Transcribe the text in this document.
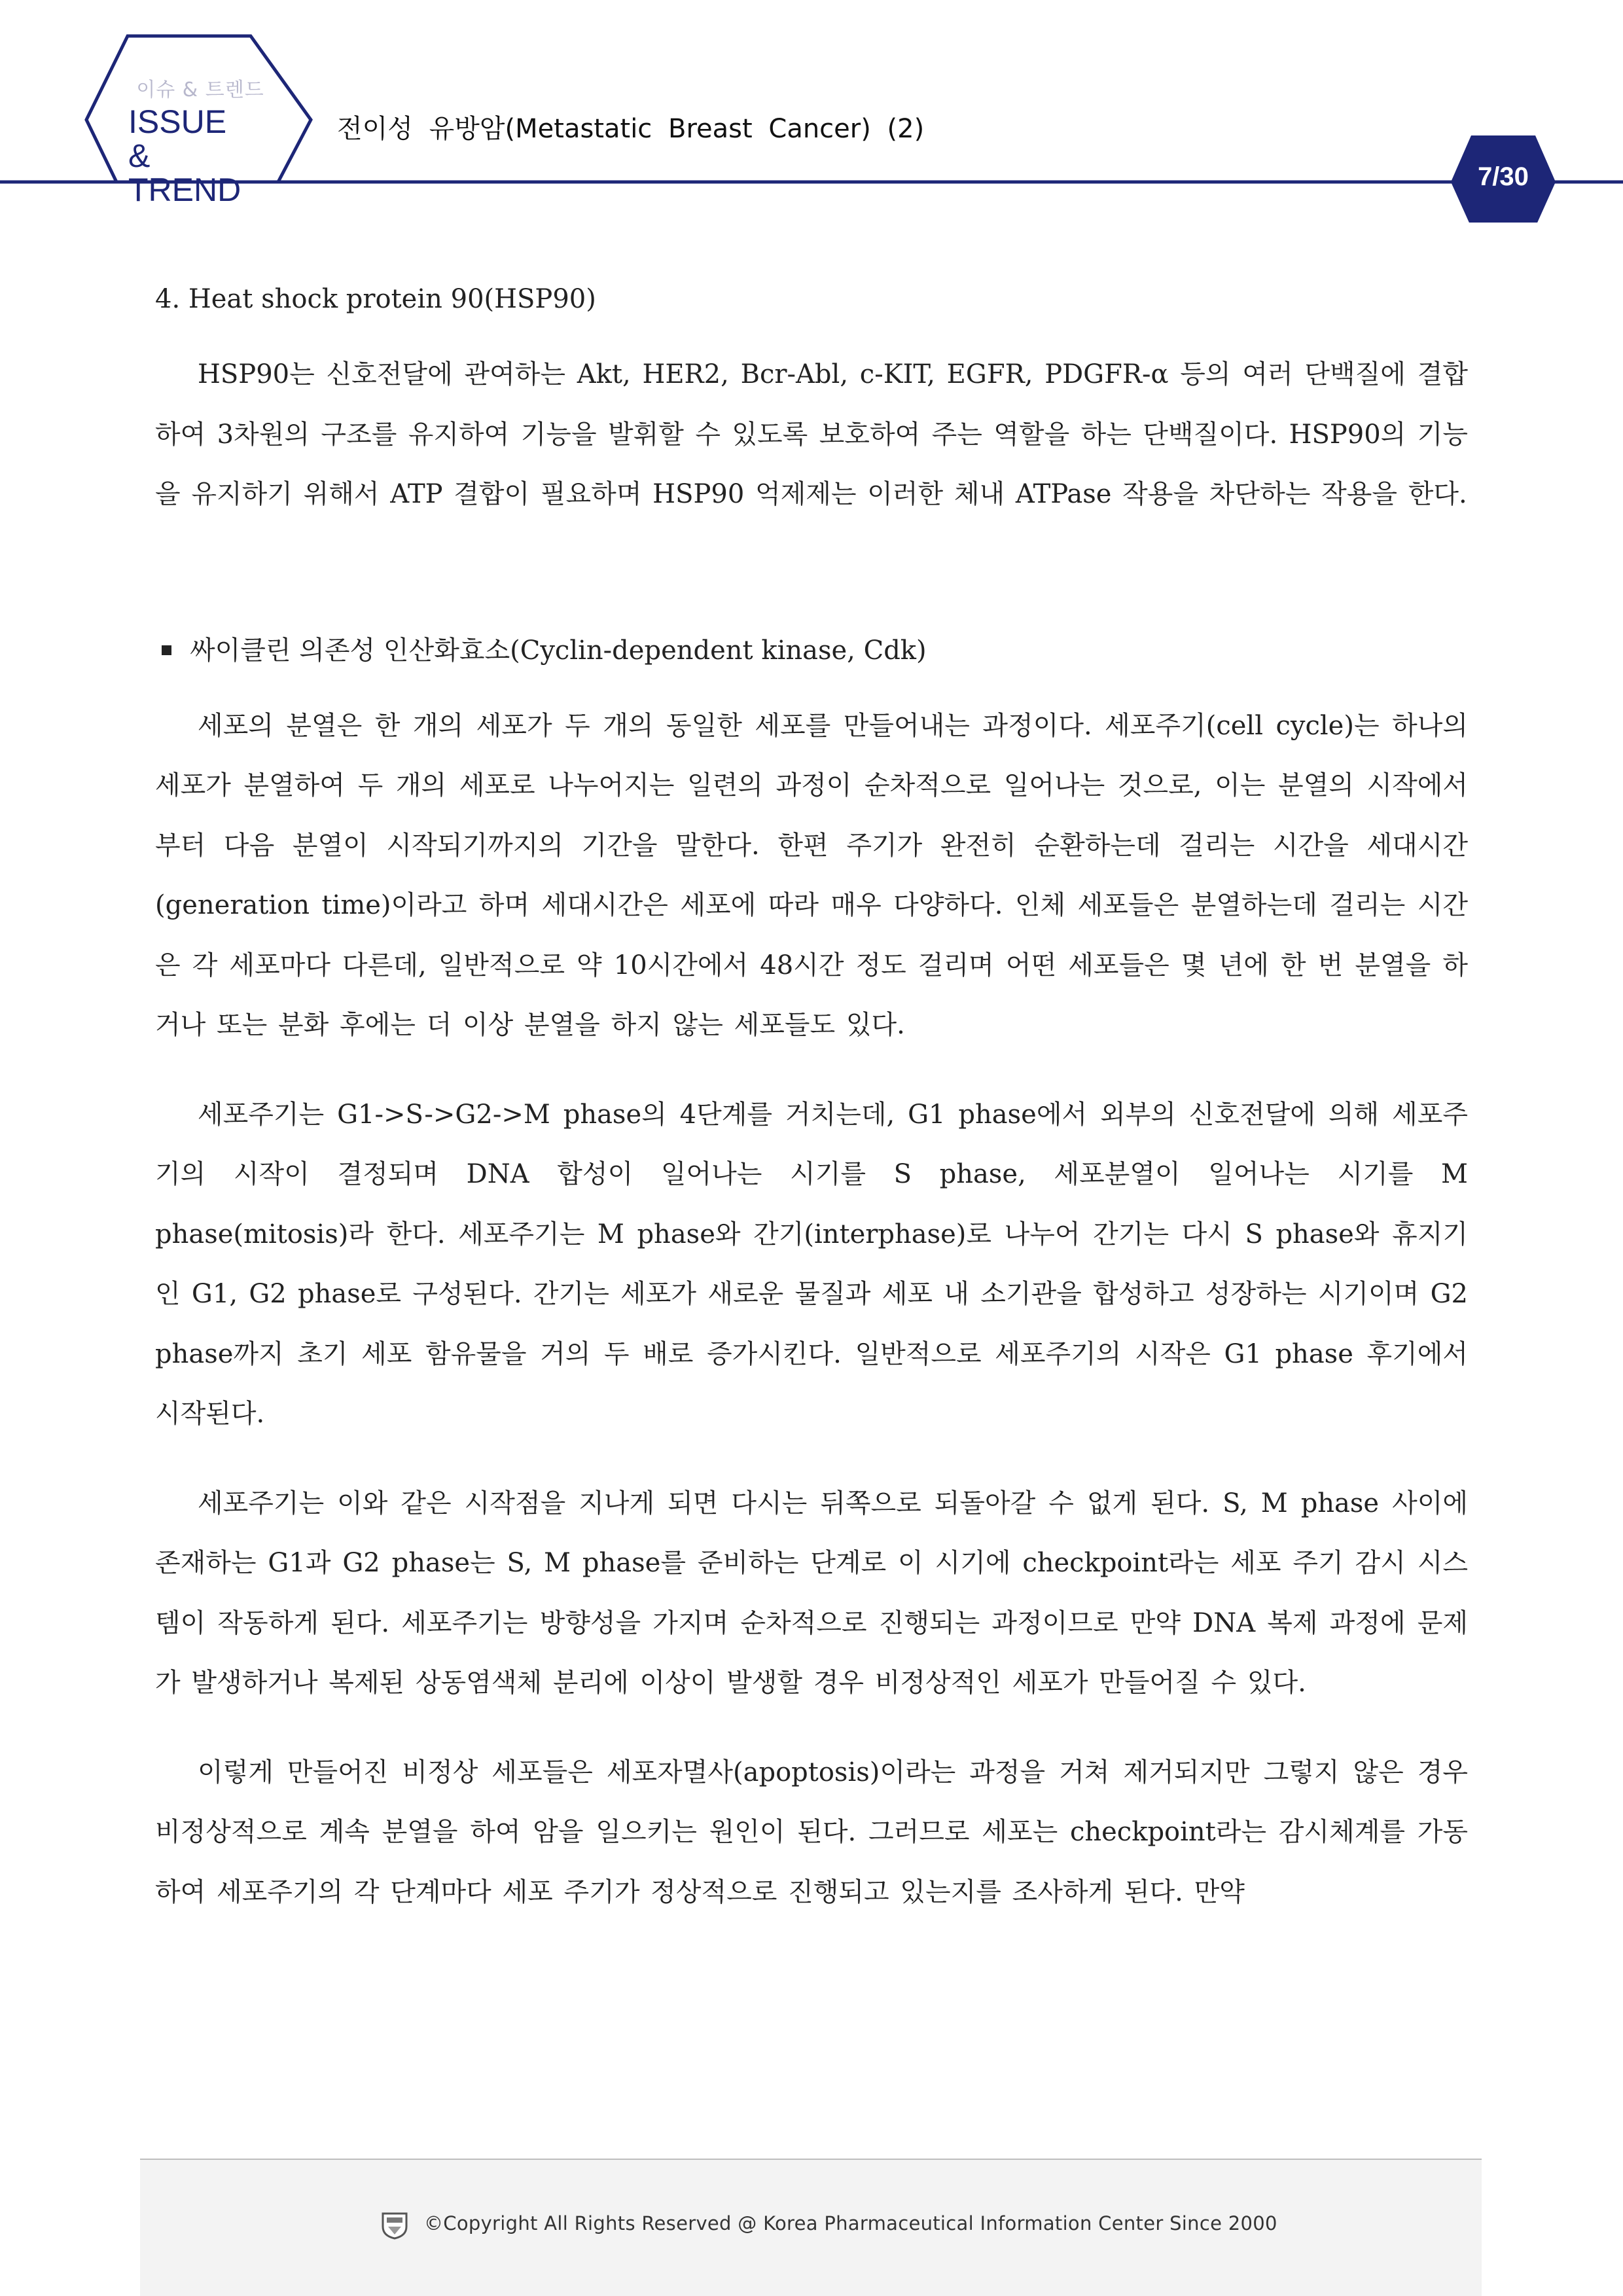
이슈 & 트렌드
ISSUE &
TREND
전이성 유방암(Metastatic Breast Cancer) (2)
7/30

4. Heat shock protein 90(HSP90)

HSP90는 신호전달에 관여하는 Akt, HER2, Bcr-Abl, c-KIT, EGFR, PDGFR-α 등의 여러 단백질에 결합하여 3차원의 구조를 유지하여 기능을 발휘할 수 있도록 보호하여 주는 역할을 하는 단백질이다. HSP90의 기능을 유지하기 위해서 ATP 결합이 필요하며 HSP90 억제제는 이러한 체내 ATPase 작용을 차단하는 작용을 한다.

싸이클린 의존성 인산화효소(Cyclin-dependent kinase, Cdk)

세포의 분열은 한 개의 세포가 두 개의 동일한 세포를 만들어내는 과정이다. 세포주기(cell cycle)는 하나의 세포가 분열하여 두 개의 세포로 나누어지는 일련의 과정이 순차적으로 일어나는 것으로, 이는 분열의 시작에서부터 다음 분열이 시작되기까지의 기간을 말한다. 한편 주기가 완전히 순환하는데 걸리는 시간을 세대시간(generation time)이라고 하며 세대시간은 세포에 따라 매우 다양하다. 인체 세포들은 분열하는데 걸리는 시간은 각 세포마다 다른데, 일반적으로 약 10시간에서 48시간 정도 걸리며 어떤 세포들은 몇 년에 한 번 분열을 하거나 또는 분화 후에는 더 이상 분열을 하지 않는 세포들도 있다.

세포주기는 G1->S->G2->M phase의 4단계를 거치는데, G1 phase에서 외부의 신호전달에 의해 세포주기의 시작이 결정되며 DNA 합성이 일어나는 시기를 S phase, 세포분열이 일어나는 시기를 M phase(mitosis)라 한다. 세포주기는 M phase와 간기(interphase)로 나누어 간기는 다시 S phase와 휴지기인 G1, G2 phase로 구성된다. 간기는 세포가 새로운 물질과 세포 내 소기관을 합성하고 성장하는 시기이며 G2 phase까지 초기 세포 함유물을 거의 두 배로 증가시킨다. 일반적으로 세포주기의 시작은 G1 phase 후기에서 시작된다.

세포주기는 이와 같은 시작점을 지나게 되면 다시는 뒤쪽으로 되돌아갈 수 없게 된다. S, M phase 사이에 존재하는 G1과 G2 phase는 S, M phase를 준비하는 단계로 이 시기에 checkpoint라는 세포 주기 감시 시스템이 작동하게 된다. 세포주기는 방향성을 가지며 순차적으로 진행되는 과정이므로 만약 DNA 복제 과정에 문제가 발생하거나 복제된 상동염색체 분리에 이상이 발생할 경우 비정상적인 세포가 만들어질 수 있다.

이렇게 만들어진 비정상 세포들은 세포자멸사(apoptosis)이라는 과정을 거쳐 제거되지만 그렇지 않은 경우 비정상적으로 계속 분열을 하여 암을 일으키는 원인이 된다. 그러므로 세포는 checkpoint라는 감시체계를 가동하여 세포주기의 각 단계마다 세포 주기가 정상적으로 진행되고 있는지를 조사하게 된다. 만약

©Copyright All Rights Reserved @ Korea Pharmaceutical Information Center Since 2000
